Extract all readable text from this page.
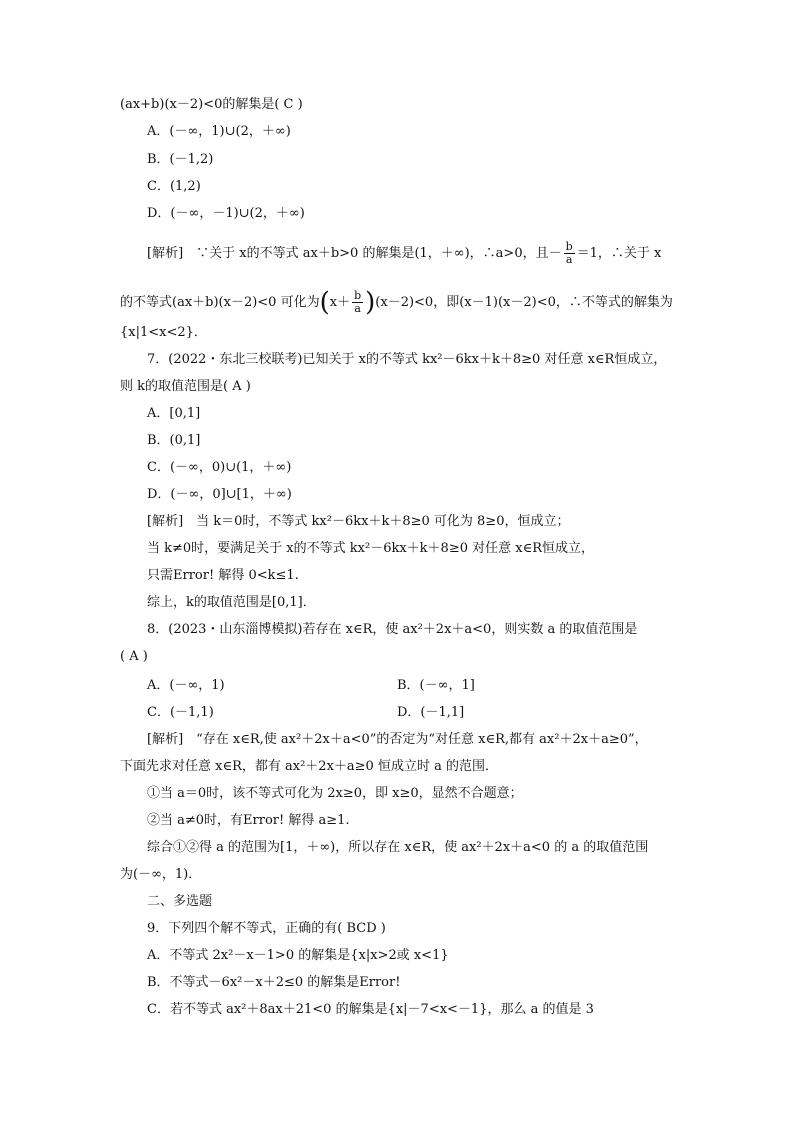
(ax+b)(x－2)<0的解集是( C )
A．(－∞，1)∪(2，＋∞)
B．(－1,2)
C．(1,2)
D．(－∞，－1)∪(2，＋∞)
[解析]　∵关于 x的不等式 ax＋b>0 的解集是(1，＋∞)，∴a>0，且－ $\frac{b}{a} =1$，∴关于 x
的不等式(ax＋b)(x－2)<0 可化为$(x+ \frac{b}{a} )(x-2)<0$，即(x－1)(x－2)<0，∴不等式的解集为
{x|1<x<2}．
7．(2022・东北三校联考)已知关于 x的不等式 kx²－6kx＋k＋8≥0 对任意 x∈R恒成立，
则 k的取值范围是( A )
A．[0,1]
B．(0,1]
C．(－∞，0)∪(1，＋∞)
D．(－∞，0]∪[1，＋∞)
[解析]　当 k＝0时，不等式 kx²－6kx＋k＋8≥0 可化为 8≥0，恒成立；
当 k≠0时，要满足关于 x的不等式 kx²－6kx＋k＋8≥0 对任意 x∈R恒成立，
只需Error! 解得 0<k≤1.
综上，k的取值范围是[0,1]．
8．(2023・山东淄博模拟)若存在 x∈R，使 ax²＋2x＋a<0，则实数 a 的取值范围是
( A )
A．(－∞，1)	B．(－∞，1]
C．(－1,1)	D．(－1,1]
[解析]　“存在 x∈R,使 ax²＋2x＋a<0”的否定为“对任意 x∈R,都有 ax²＋2x＋a≥0”，
下面先求对任意 x∈R，都有 ax²＋2x＋a≥0 恒成立时 a 的范围．
①当 a＝0时，该不等式可化为 2x≥0，即 x≥0，显然不合题意；
②当 a≠0时，有Error! 解得 a≥1.
综合①②得 a 的范围为[1，＋∞)，所以存在 x∈R，使 ax²＋2x＋a<0 的 a 的取值范围
为(－∞，1)．
二、多选题
9．下列四个解不等式，正确的有( BCD )
A．不等式 2x²－x－1>0 的解集是{x|x>2或 x<1}
B．不等式－6x²－x＋2≤0 的解集是Error!
C．若不等式 ax²＋8ax＋21<0 的解集是{x|－7<x<－1}，那么 a 的值是 3
